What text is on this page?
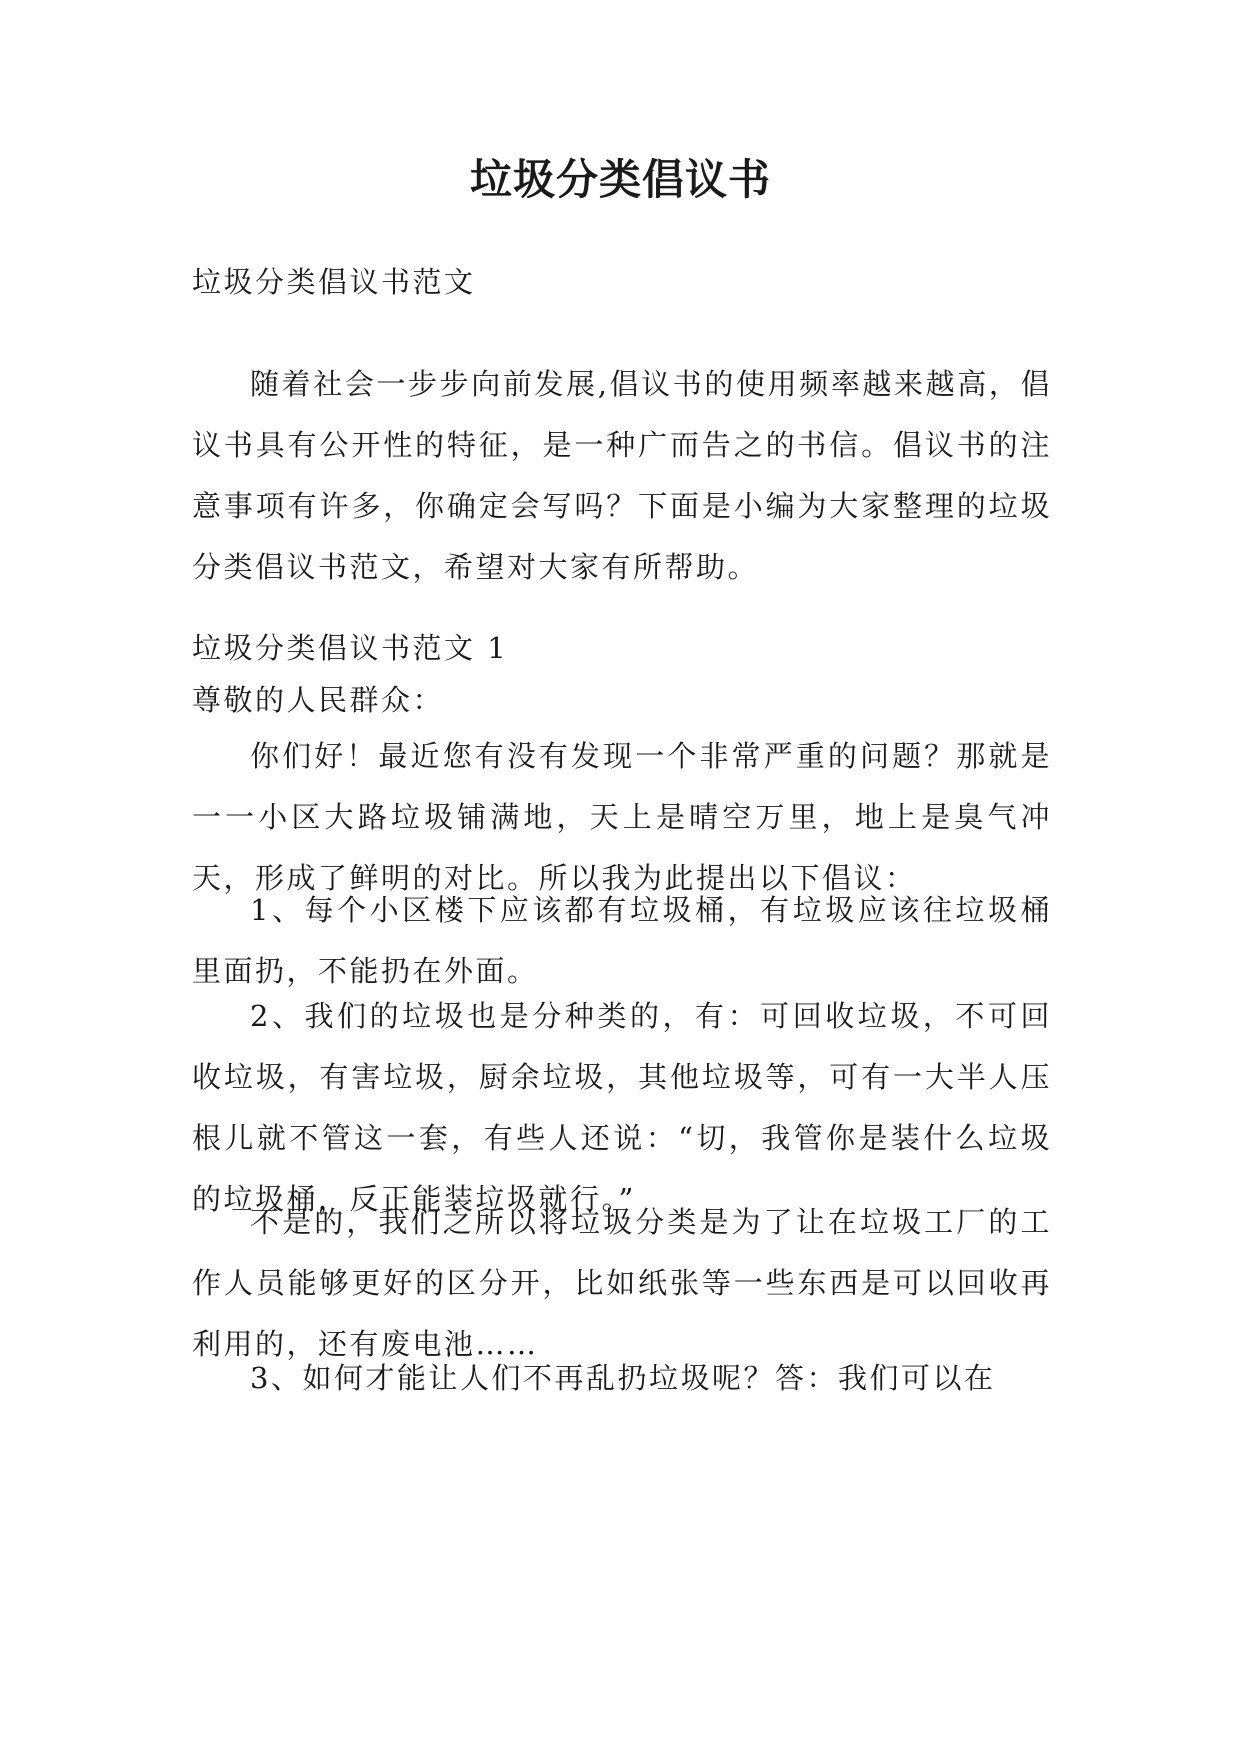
垃圾分类倡议书
垃圾分类倡议书范文
随着社会一步步向前发展,倡议书的使用频率越来越高，倡议书具有公开性的特征，是一种广而告之的书信。倡议书的注意事项有许多，你确定会写吗？下面是小编为大家整理的垃圾分类倡议书范文，希望对大家有所帮助。
垃圾分类倡议书范文 1
尊敬的人民群众：
你们好！最近您有没有发现一个非常严重的问题？那就是一一小区大路垃圾铺满地，天上是晴空万里，地上是臭气冲天，形成了鲜明的对比。所以我为此提出以下倡议：
1、每个小区楼下应该都有垃圾桶，有垃圾应该往垃圾桶里面扔，不能扔在外面。
2、我们的垃圾也是分种类的，有：可回收垃圾，不可回收垃圾，有害垃圾，厨余垃圾，其他垃圾等，可有一大半人压根儿就不管这一套，有些人还说：“切，我管你是装什么垃圾的垃圾桶，反正能装垃圾就行。”
不是的，我们之所以将垃圾分类是为了让在垃圾工厂的工作人员能够更好的区分开，比如纸张等一些东西是可以回收再利用的，还有废电池……
3、如何才能让人们不再乱扔垃圾呢？答：我们可以在
